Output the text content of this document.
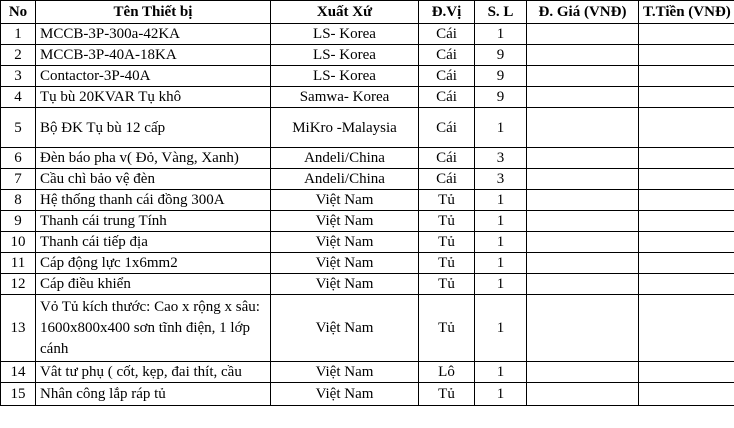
No	Tên Thiết bị	Xuất Xứ	Đ.Vị	S. L	Đ. Giá (VNĐ)	T.Tiền (VNĐ)
1	MCCB-3P-300a-42KA	LS- Korea	Cái	1		
2	MCCB-3P-40A-18KA	LS- Korea	Cái	9		
3	Contactor-3P-40A	LS- Korea	Cái	9		
4	Tụ bù 20KVAR Tụ khô	Samwa- Korea	Cái	9		
5	Bộ ĐK Tụ bù 12 cấp	MiKro -Malaysia	Cái	1		
6	Đèn báo pha v( Đỏ, Vàng, Xanh)	Andeli/China	Cái	3		
7	Cầu chì bảo vệ đèn	Andeli/China	Cái	3		
8	Hệ thống thanh cái đồng 300A	Việt Nam	Tủ	1		
9	Thanh cái trung Tính	Việt Nam	Tủ	1		
10	Thanh cái tiếp địa	Việt Nam	Tủ	1		
11	Cáp động lực 1x6mm2	Việt Nam	Tủ	1		
12	Cáp điều khiển	Việt Nam	Tủ	1		
13	Vỏ Tủ kích thước: Cao x rộng x sâu: 1600x800x400 sơn tĩnh điện, 1 lớp cánh	Việt Nam	Tủ	1		
14	Vât tư phụ ( cốt, kẹp, đai thít, cầu	Việt Nam	Lô	1		
15	Nhân công lắp ráp tủ	Việt Nam	Tủ	1		
